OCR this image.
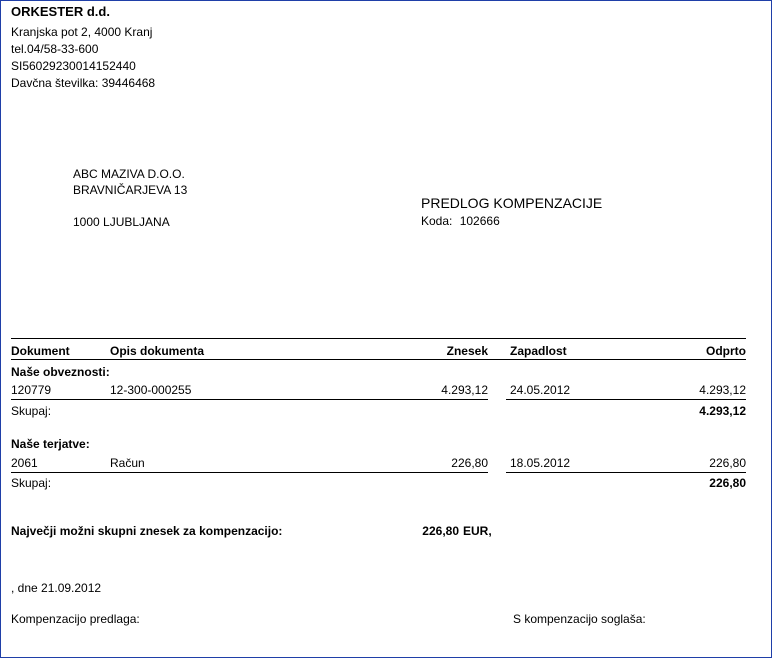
ORKESTER d.d.
Kranjska pot 2, 4000 Kranj
tel.04/58-33-600
SI56029230014152440
Davčna številka: 39446468
ABC MAZIVA D.O.O.
BRAVNIČARJEVA 13
1000 LJUBLJANA
PREDLOG KOMPENZACIJE
Koda: 102666
Dokument	Opis dokumenta	Znesek Zapadlost	Odprto
Naše obveznosti:
120779	12-300-000255	4.293,12 24.05.2012	4.293,12
Skupaj:	4.293,12
Naše terjatve:
2061	Račun	226,80 18.05.2012	226,80
Skupaj:	226,80
Največji možni skupni znesek za kompenzacijo:	226,80 EUR,
, dne 21.09.2012
Kompenzacijo predlaga:	S kompenzacijo soglaša:
